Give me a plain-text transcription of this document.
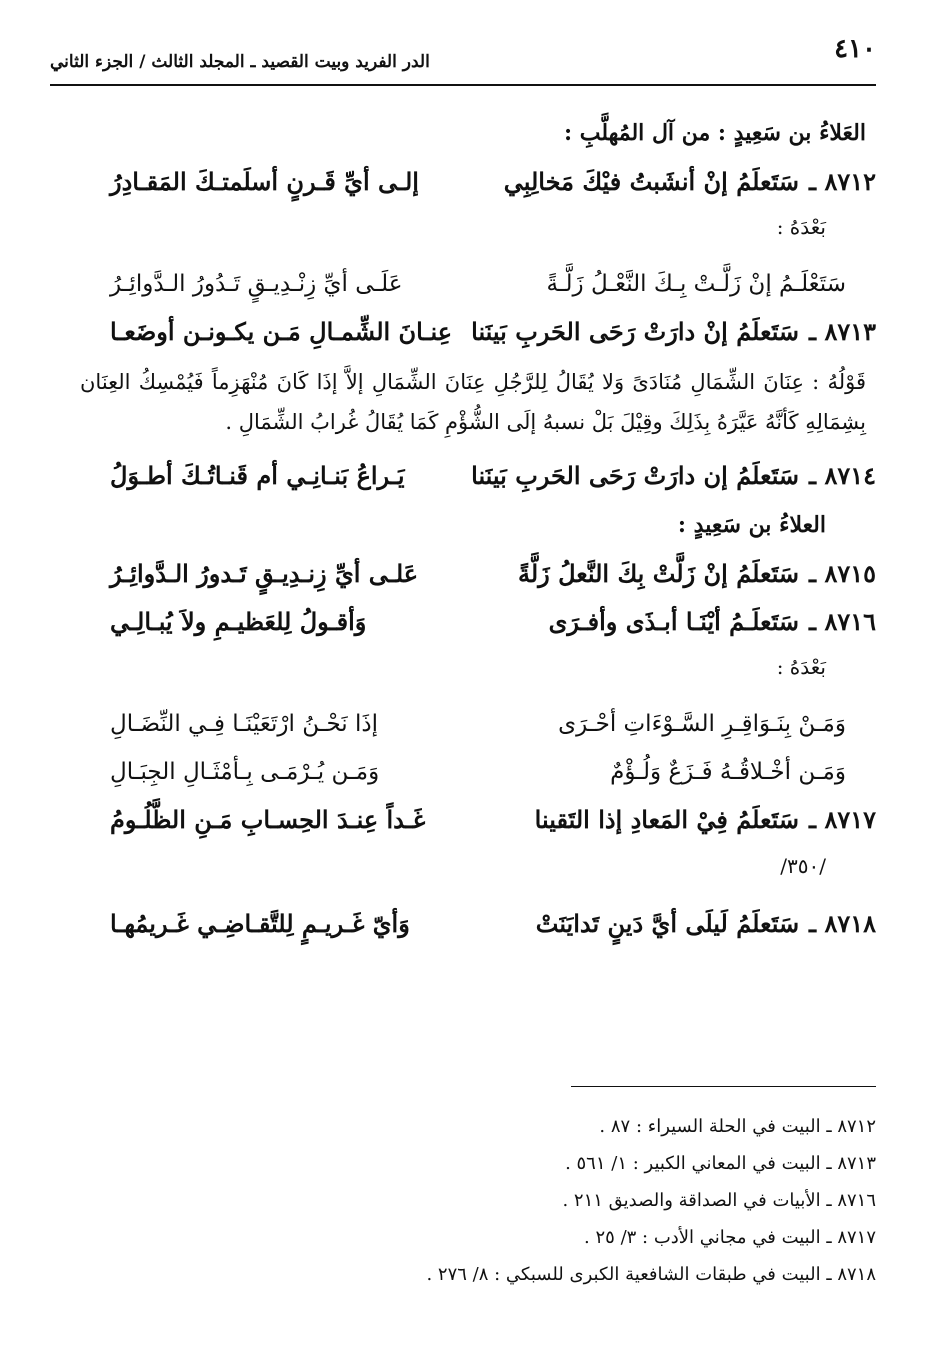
٤١٠
الدر الفريد وبيت القصيد ـ المجلد الثالث / الجزء الثاني
العَلاءُ بن سَعِيدٍ : من آل المُهلَّبِ :
٨٧١٢ ـ
سَتَعلَمُ إنْ أنشَبتُ فيْكَ مَخالِبِي
إلـى أيِّ قَـرنٍ أسلَمتـكَ المَقـادِرُ
بَعْدَهُ :
سَتَعْلَـمُ إنْ زَلَّـتْ بِـكَ النَّعْـلُ زَلَّـةً
عَلَـى أيِّ زِنْـدِيـقٍ تَـدُورُ الـدَّوائِـرُ
٨٧١٣ ـ
سَتَعلَمُ إنْ دارَتْ رَحَى الحَربِ بَينَنا
عِنـانَ الشِّمـالِ مَـن يكـونـن أوضَعـا
قَوْلُهُ : عِنَانَ الشِّمَالِ مُنَادَىً وَلا يُقَالُ لِلرَّجُلِ عِنَانَ الشِّمَالِ إلاَّ إذَا كَانَ مُنْهَزِماً فَيُمْسِكُ العِنَان بِشِمَالِهِ كَأنَّهُ عَيَّرَهُ بِذَلِكَ وقِيْلَ بَلْ نسبهُ إلَى الشُّؤْمِ كَمَا يُقَالُ غُرابُ الشِّمَالِ .
٨٧١٤ ـ
سَتَعلَمُ إن دارَتْ رَحَى الحَربِ بَينَنا
يَـراعُ بَنـانِـي أم قَنـاتُـكَ أطـوَلُ
العلاءُ بن سَعِيدٍ :
٨٧١٥ ـ
سَتَعلَمُ إنْ زَلَّتْ بِكَ النَّعلُ زَلَّةً
عَلـى أيِّ زِنـدِيـقٍ تَـدورُ الـدَّوائِـرُ
٨٧١٦ ـ
سَتَعلَـمُ أيْنَـا أبـذَى وأفـرَى
وَأقـولُ لِلعَظيـمِ ولاَ يُبـالِـي
بَعْدَهُ :
وَمَـنْ بِنَـوَاقِـرِ السَّـوْءَاتِ أحْـرَى
إذَا نَحْـنُ ارْتَعَيْنَـا فِـي النِّضَـالِ
وَمَـن أخْـلاقُـهُ فَـزَعٌ وَلُـؤْمٌ
وَمَـن يُـرْمَـى بِـأمْثَـالِ الجِبَـالِ
٨٧١٧ ـ
سَتَعلَمُ فِيْ المَعادِ إذا التَقينا
غَـداً عِنـدَ الحِسـابِ مَـنِ الظَّلُـومُ
/٣٥٠/
٨٧١٨ ـ
سَتَعلَمُ لَيلَى أيَّ دَينٍ تَدايَنَتْ
وَأيّ غَـريـمٍ لِلتَّقـاضِـي غَـريمُهـا
٨٧١٢ ـ البيت في الحلة السيراء : ٨٧ .
٨٧١٣ ـ البيت في المعاني الكبير : ١/ ٥٦١ .
٨٧١٦ ـ الأبيات في الصداقة والصديق ٢١١ .
٨٧١٧ ـ البيت في مجاني الأدب : ٣/ ٢٥ .
٨٧١٨ ـ البيت في طبقات الشافعية الكبرى للسبكي : ٨/ ٢٧٦ .
